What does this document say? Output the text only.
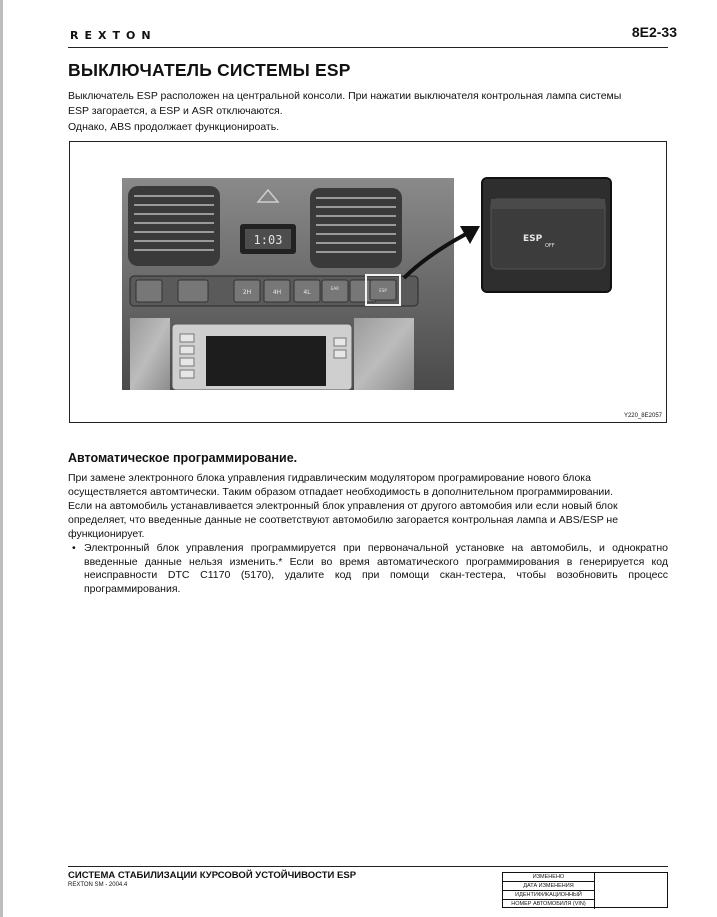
REXTON	8E2-33
ВЫКЛЮЧАТЕЛЬ СИСТЕМЫ ESP
Выключатель ESP расположен на центральной консоли. При нажатии выключателя контрольная лампа системы
ESP загорается, а ESP и ASR отключаются.
Однако, ABS продолжает функционироать.
1:03
2H	4H	4L
EAR	ESP
ESP
OFF
Y220_8E2057
Автоматическое программирование.
При замене электронного блока управления гидравлическим модулятором програмирование нового блока
осуществляется автомтически. Таким образом отпадает необходимость в дополнительном программировании.
Если на автомобиль устанавливается электронный блок управления от другого автомобия или если новый блок
определяет, что введенные данные не соответствуют автомобилю загорается контрольная лампа и ABS/ESP не
функционирует.
• Электронный блок управления программируется при первоначальной установке на автомобиль, и однократно введенные данные нельзя изменить.* Если во время автоматического программирования в генерируется код неисправности DTC C1170 (5170), удалите код при помощи скан-тестера, чтобы возобновить процесс программирования.
СИСТЕМА СТАБИЛИЗАЦИИ КУРСОВОЙ УСТОЙЧИВОСТИ ESP
REXTON SM - 2004.4
ИЗМЕНЕНО
ДАТА ИЗМЕНЕНИЯ
ИДЕНТИФИКАЦИОННЫЙ
НОМЕР АВТОМОБИЛЯ (VIN)
